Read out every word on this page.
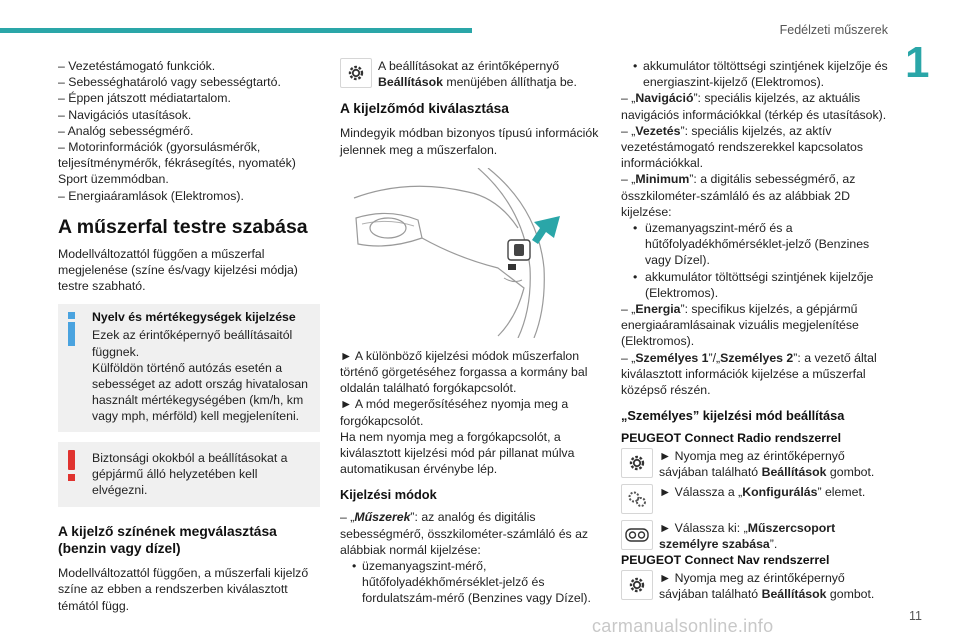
Fedélzeti műszerek
1
11
carmanualsonline.info

– Vezetéstámogató funkciók.

– Sebességhatároló vagy sebességtartó.

– Éppen játszott médiatartalom.

– Navigációs utasítások.

– Analóg sebességmérő.

– Motorinformációk (gyorsulásmérők, teljesítménymérők, fékrásegítés, nyomaték) Sport üzemmódban.

– Energiaáramlások (Elektromos).

A műszerfal testre szabása

Modellváltozattól függően a műszerfal megjelenése (színe és/vagy kijelzési módja) testre szabható.

Nyelv és mértékegységek kijelzése

Ezek az érintőképernyő beállításaitól függnek.

Külföldön történő autózás esetén a sebességet az adott ország hivatalosan használt mértékegységében (km/h, km vagy mph, mérföld) kell megjeleníteni.

Biztonsági okokból a beállításokat a gépjármű álló helyzetében kell elvégezni.

A kijelző színének megválasztása (benzin vagy dízel)

Modellváltozattól függően, a műszerfali kijelző színe az ebben a rendszerben kiválasztott témától függ.

A beállításokat az érintőképernyő Beállítások menüjében állíthatja be.

A kijelzőmód kiválasztása

Mindegyik módban bizonyos típusú információk jelennek meg a műszerfalon.

► A különböző kijelzési módok műszerfalon történő görgetéséhez forgassa a kormány bal oldalán található forgókapcsolót.

► A mód megerősítéséhez nyomja meg a forgókapcsolót.

Ha nem nyomja meg a forgókapcsolót, a kiválasztott kijelzési mód pár pillanat múlva automatikusan érvénybe lép.

Kijelzési módok

– „Műszerek”: az analóg és digitális sebességmérő, összkilométer-számláló és az alábbiak normál kijelzése:

• üzemanyagszint-mérő, hűtőfolyadékhőmérséklet-jelző és fordulatszám-mérő (Benzines vagy Dízel).

• akkumulátor töltöttségi szintjének kijelzője és energiaszint-kijelző (Elektromos).

– „Navigáció”: speciális kijelzés, az aktuális navigációs információkkal (térkép és utasítások).

– „Vezetés”: speciális kijelzés, az aktív vezetéstámogató rendszerekkel kapcsolatos információkkal.

– „Minimum”: a digitális sebességmérő, az összkilométer-számláló és az alábbiak 2D kijelzése:

• üzemanyagszint-mérő és a hűtőfolyadékhőmérséklet-jelző (Benzines vagy Dízel).

• akkumulátor töltöttségi szintjének kijelzője (Elektromos).

– „Energia”: specifikus kijelzés, a gépjármű energiaáramlásainak vizuális megjelenítése (Elektromos).

– „Személyes 1”/„Személyes 2”: a vezető által kiválasztott információk kijelzése a műszerfal középső részén.

„Személyes” kijelzési mód beállítása
PEUGEOT Connect Radio rendszerrel

► Nyomja meg az érintőképernyő sávjában található Beállítások gombot.

► Válassza a „Konfigurálás” elemet.

► Válassza ki: „Műszercsoport személyre szabása”.

PEUGEOT Connect Nav rendszerrel

► Nyomja meg az érintőképernyő sávjában található Beállítások gombot.
